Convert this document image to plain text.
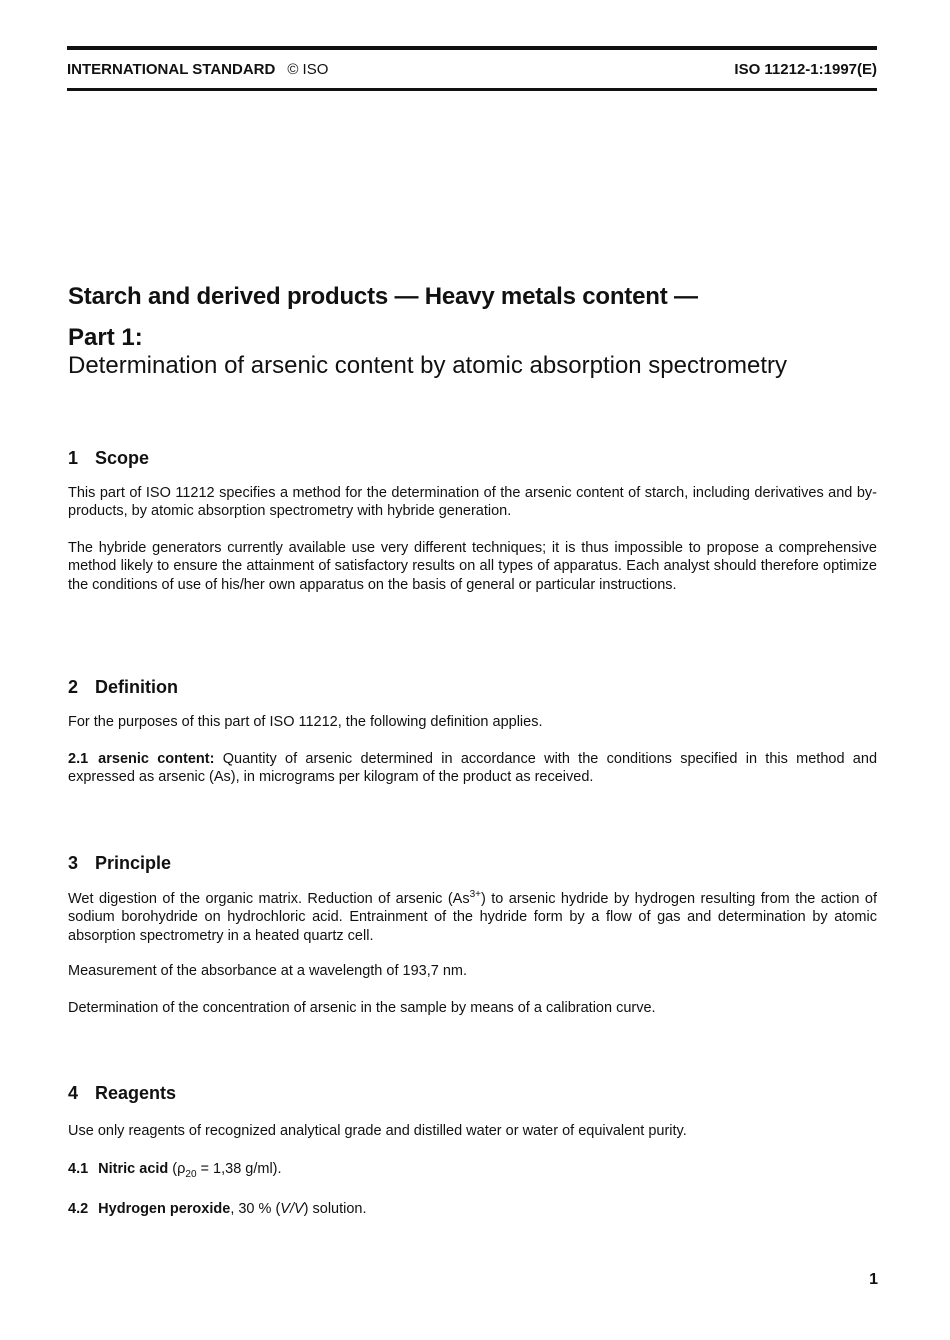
INTERNATIONAL STANDARD © ISO	ISO 11212-1:1997(E)
Starch and derived products — Heavy metals content —
Part 1:
Determination of arsenic content by atomic absorption spectrometry
1 Scope
This part of ISO 11212 specifies a method for the determination of the arsenic content of starch, including derivatives and by-products, by atomic absorption spectrometry with hybride generation.
The hybride generators currently available use very different techniques; it is thus impossible to propose a comprehensive method likely to ensure the attainment of satisfactory results on all types of apparatus. Each analyst should therefore optimize the conditions of use of his/her own apparatus on the basis of general or particular instructions.
2 Definition
For the purposes of this part of ISO 11212, the following definition applies.
2.1 arsenic content: Quantity of arsenic determined in accordance with the conditions specified in this method and expressed as arsenic (As), in micrograms per kilogram of the product as received.
3 Principle
Wet digestion of the organic matrix. Reduction of arsenic $(As^{3+})$ to arsenic hydride by hydrogen resulting from the action of sodium borohydride on hydrochloric acid. Entrainment of the hydride form by a flow of gas and determination by atomic absorption spectrometry in a heated quartz cell.
Measurement of the absorbance at a wavelength of 193,7 nm.
Determination of the concentration of arsenic in the sample by means of a calibration curve.
4 Reagents
Use only reagents of recognized analytical grade and distilled water or water of equivalent purity.
4.1 Nitric acid ($\rho_{20} = 1,38$ g/ml).
4.2 Hydrogen peroxide, 30 % (V/V) solution.
1
